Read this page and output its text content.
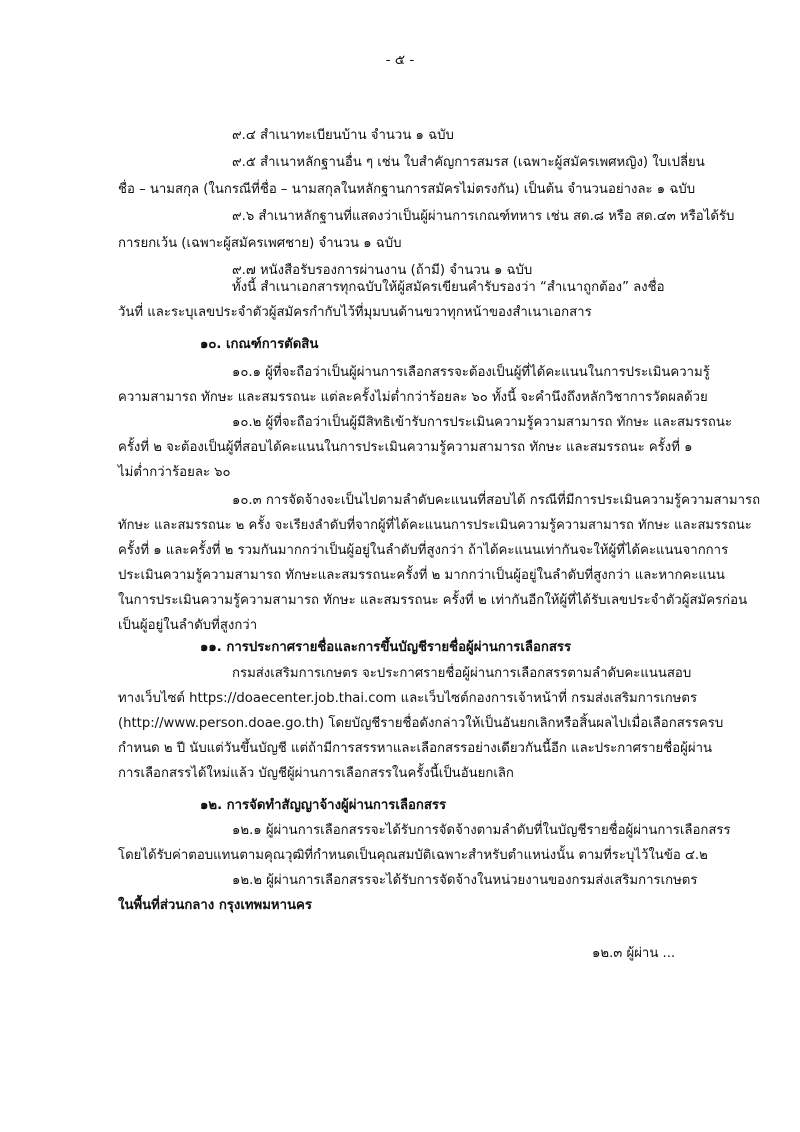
- ๕ -
๙.๔ สำเนาทะเบียนบ้าน จำนวน ๑ ฉบับ
๙.๕ สำเนาหลักฐานอื่น ๆ เช่น ใบสำคัญการสมรส (เฉพาะผู้สมัครเพศหญิง) ใบเปลี่ยน
ชื่อ – นามสกุล (ในกรณีที่ชื่อ – นามสกุลในหลักฐานการสมัครไม่ตรงกัน) เป็นต้น จำนวนอย่างละ ๑ ฉบับ
๙.๖ สำเนาหลักฐานที่แสดงว่าเป็นผู้ผ่านการเกณฑ์ทหาร เช่น สด.๘ หรือ สด.๔๓ หรือได้รับ
การยกเว้น (เฉพาะผู้สมัครเพศชาย) จำนวน ๑ ฉบับ
๙.๗ หนังสือรับรองการผ่านงาน (ถ้ามี) จำนวน ๑ ฉบับ
ทั้งนี้ สำเนาเอกสารทุกฉบับให้ผู้สมัครเขียนคำรับรองว่า “สำเนาถูกต้อง” ลงชื่อ
วันที่ และระบุเลขประจำตัวผู้สมัครกำกับไว้ที่มุมบนด้านขวาทุกหน้าของสำเนาเอกสาร
๑๐. เกณฑ์การตัดสิน
๑๐.๑ ผู้ที่จะถือว่าเป็นผู้ผ่านการเลือกสรรจะต้องเป็นผู้ที่ได้คะแนนในการประเมินความรู้
ความสามารถ ทักษะ และสมรรถนะ แต่ละครั้งไม่ต่ำกว่าร้อยละ ๖๐ ทั้งนี้ จะคำนึงถึงหลักวิชาการวัดผลด้วย
๑๐.๒ ผู้ที่จะถือว่าเป็นผู้มีสิทธิเข้ารับการประเมินความรู้ความสามารถ ทักษะ และสมรรถนะ
ครั้งที่ ๒ จะต้องเป็นผู้ที่สอบได้คะแนนในการประเมินความรู้ความสามารถ ทักษะ และสมรรถนะ ครั้งที่ ๑
ไม่ต่ำกว่าร้อยละ ๖๐
๑๐.๓ การจัดจ้างจะเป็นไปตามลำดับคะแนนที่สอบได้ กรณีที่มีการประเมินความรู้ความสามารถ
ทักษะ และสมรรถนะ ๒ ครั้ง จะเรียงลำดับที่จากผู้ที่ได้คะแนนการประเมินความรู้ความสามารถ ทักษะ และสมรรถนะ
ครั้งที่ ๑ และครั้งที่ ๒ รวมกันมากกว่าเป็นผู้อยู่ในลำดับที่สูงกว่า ถ้าได้คะแนนเท่ากันจะให้ผู้ที่ได้คะแนนจากการ
ประเมินความรู้ความสามารถ ทักษะและสมรรถนะครั้งที่ ๒ มากกว่าเป็นผู้อยู่ในลำดับที่สูงกว่า และหากคะแนน
ในการประเมินความรู้ความสามารถ ทักษะ และสมรรถนะ ครั้งที่ ๒ เท่ากันอีกให้ผู้ที่ได้รับเลขประจำตัวผู้สมัครก่อน
เป็นผู้อยู่ในลำดับที่สูงกว่า
๑๑. การประกาศรายชื่อและการขึ้นบัญชีรายชื่อผู้ผ่านการเลือกสรร
กรมส่งเสริมการเกษตร จะประกาศรายชื่อผู้ผ่านการเลือกสรรตามลำดับคะแนนสอบ
ทางเว็บไซต์ https://doaecenter.job.thai.com และเว็บไซต์กองการเจ้าหน้าที่ กรมส่งเสริมการเกษตร
(http://www.person.doae.go.th) โดยบัญชีรายชื่อดังกล่าวให้เป็นอันยกเลิกหรือสิ้นผลไปเมื่อเลือกสรรครบ
กำหนด ๒ ปี นับแต่วันขึ้นบัญชี แต่ถ้ามีการสรรหาและเลือกสรรอย่างเดียวกันนี้อีก และประกาศรายชื่อผู้ผ่าน
การเลือกสรรได้ใหม่แล้ว บัญชีผู้ผ่านการเลือกสรรในครั้งนี้เป็นอันยกเลิก
๑๒. การจัดทำสัญญาจ้างผู้ผ่านการเลือกสรร
๑๒.๑ ผู้ผ่านการเลือกสรรจะได้รับการจัดจ้างตามลำดับที่ในบัญชีรายชื่อผู้ผ่านการเลือกสรร
โดยได้รับค่าตอบแทนตามคุณวุฒิที่กำหนดเป็นคุณสมบัติเฉพาะสำหรับตำแหน่งนั้น ตามที่ระบุไว้ในข้อ ๔.๒
๑๒.๒ ผู้ผ่านการเลือกสรรจะได้รับการจัดจ้างในหน่วยงานของกรมส่งเสริมการเกษตร
ในพื้นที่ส่วนกลาง กรุงเทพมหานคร
๑๒.๓ ผู้ผ่าน ...
